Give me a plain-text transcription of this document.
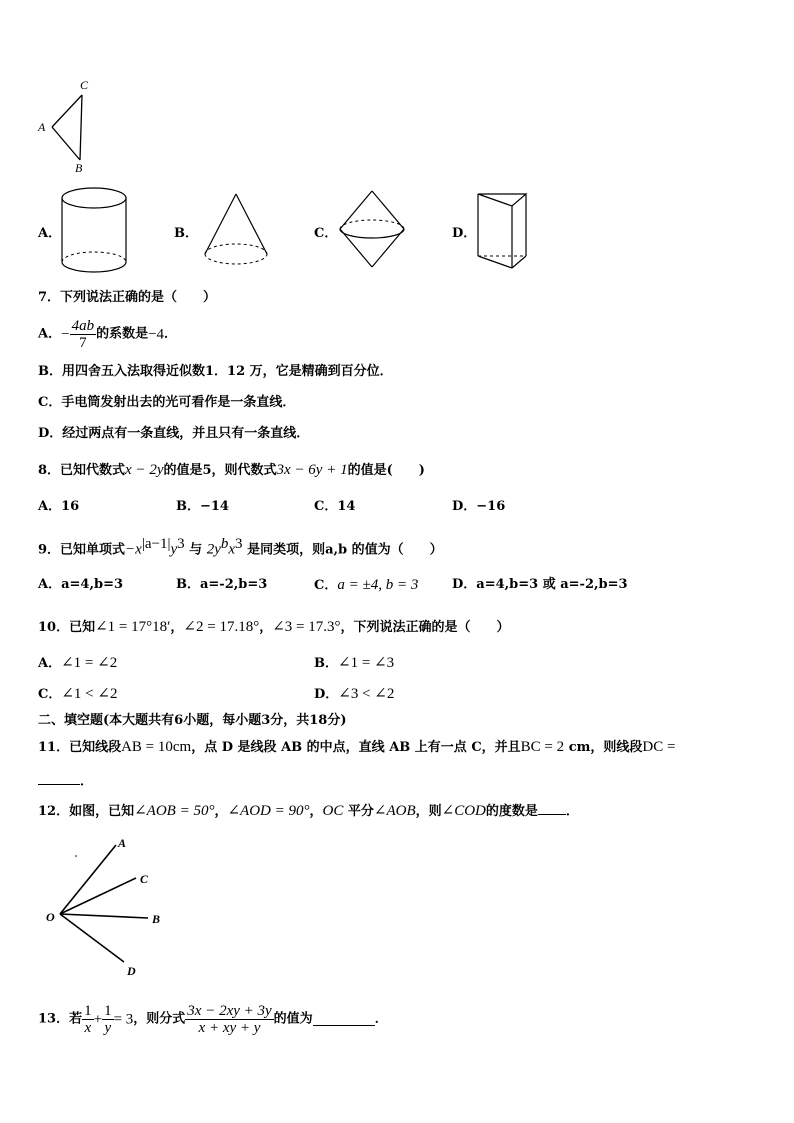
C
A
B
A．	B．	C．	D．
7．下列说法正确的是（　　）
A．− $\frac{4ab}{7}$ 的系数是−4．
B．用四舍五入法取得近似数1．12 万，它是精确到百分位．
C．手电筒发射出去的光可看作是一条直线．
D．经过两点有一条直线，并且只有一条直线．
8．已知代数式x − 2y的值是5，则代数式3x − 6y + 1的值是(　　)
A．16	B．−14	C．14	D．−16
9．已知单项式$-x^{|a-1|}y^3$ 与 $2y^bx^3$ 是同类项，则a,b 的值为（　　）
A．a=4,b=3	B．a=-2,b=3	C．a = ±4, b = 3	D．a=4,b=3 或 a=-2,b=3
10．已知∠1 = 17°18′，∠2 = 17.18°，∠3 = 17.3°，下列说法正确的是（　　）
A．∠1 = ∠2	B．∠1 = ∠3
C．∠1 < ∠2	D．∠3 < ∠2
二、填空题(本大题共有6小题，每小题3分，共18分)
11．已知线段AB = 10cm，点 D 是线段 AB 的中点，直线 AB 上有一点 C，并且BC = 2 cm，则线段DC =
．
12．如图，已知∠AOB = 50°，∠AOD = 90°，OC 平分∠AOB，则∠COD的度数是 ．
A
C
O	B
D
13．若 $\frac{1}{x} + \frac{1}{y} = 3$，则分式 $\frac{3x - 2xy + 3y}{x + xy + y}$ 的值为	．
